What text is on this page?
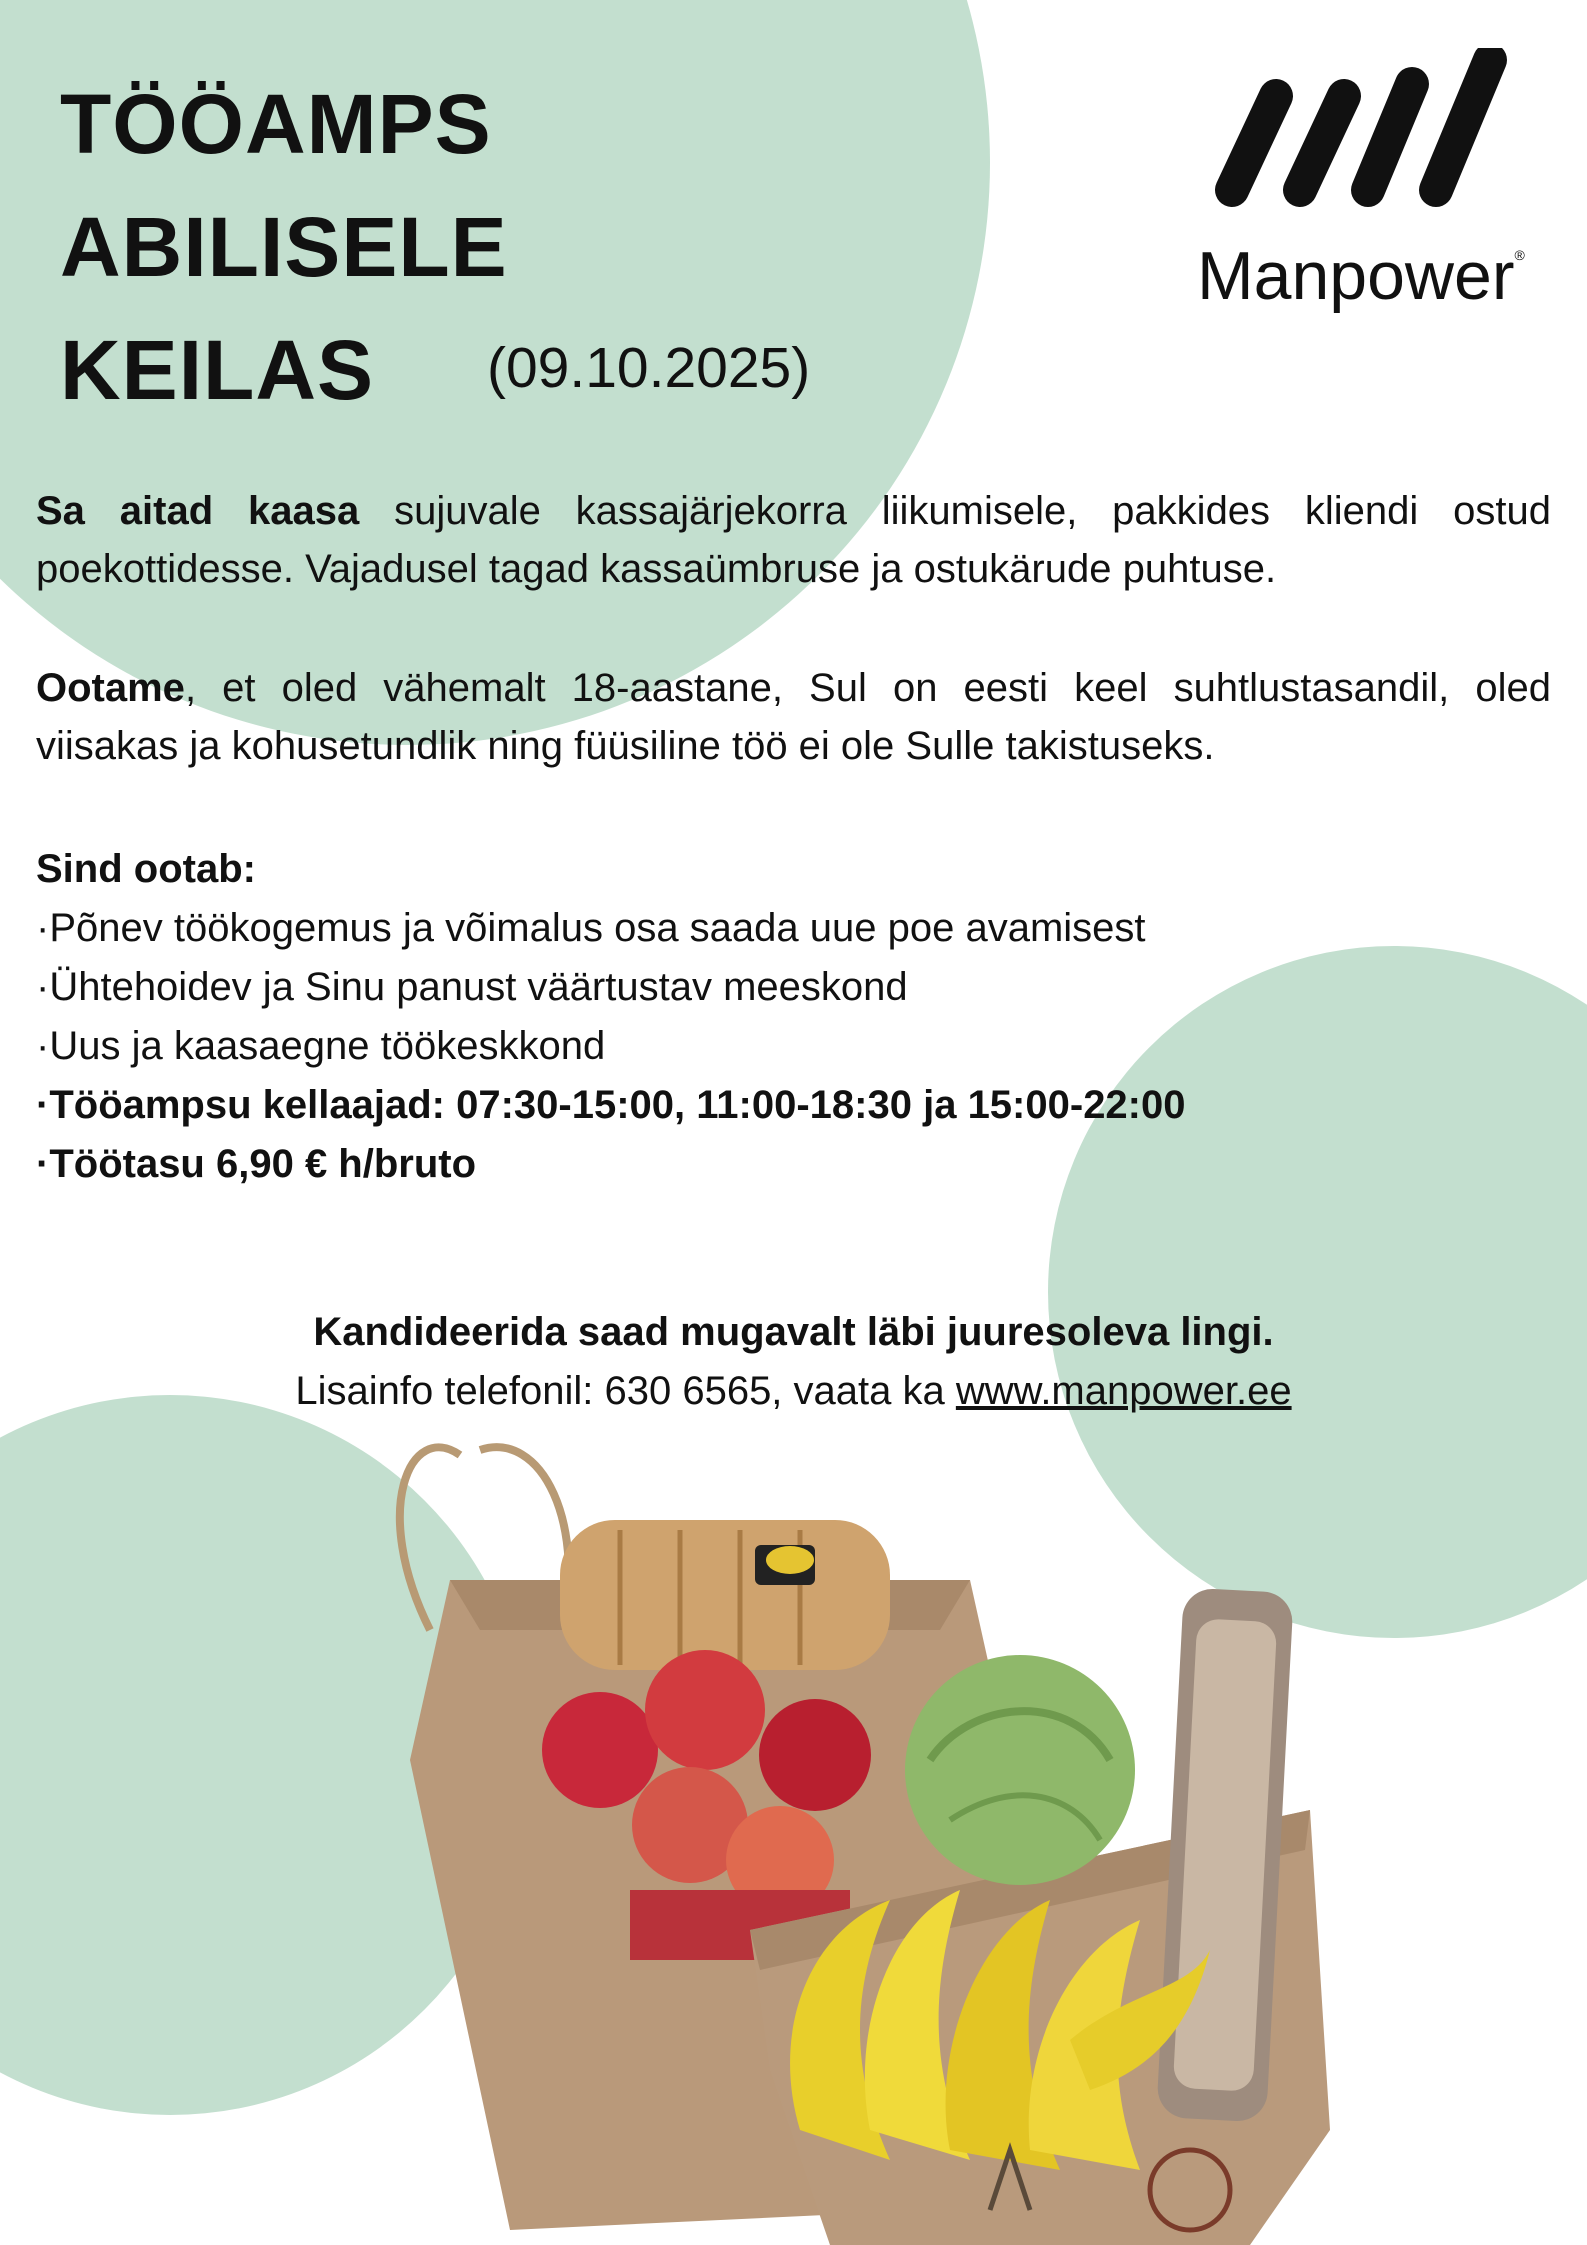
TÖÖAMPS
ABILISELE
KEILAS (09.10.2025)
Manpower®
Sa aitad kaasa sujuvale kassajärjekorra liikumisele, pakkides kliendi ostud poekottidesse. Vajadusel tagad kassaümbruse ja ostukärude puhtuse.
Ootame, et oled vähemalt 18-aastane, Sul on eesti keel suhtlustasandil, oled viisakas ja kohusetundlik ning füüsiline töö ei ole Sulle takistuseks.
Sind ootab:
·Põnev töökogemus ja võimalus osa saada uue poe avamisest
·Ühtehoidev ja Sinu panust väärtustav meeskond
·Uus ja kaasaegne töökeskkond
·Tööampsu kellaajad: 07:30-15:00, 11:00-18:30 ja 15:00-22:00
·Töötasu 6,90 € h/bruto
Kandideerida saad mugavalt läbi juuresoleva lingi.
Lisainfo telefonil: 630 6565, vaata ka www.manpower.ee
